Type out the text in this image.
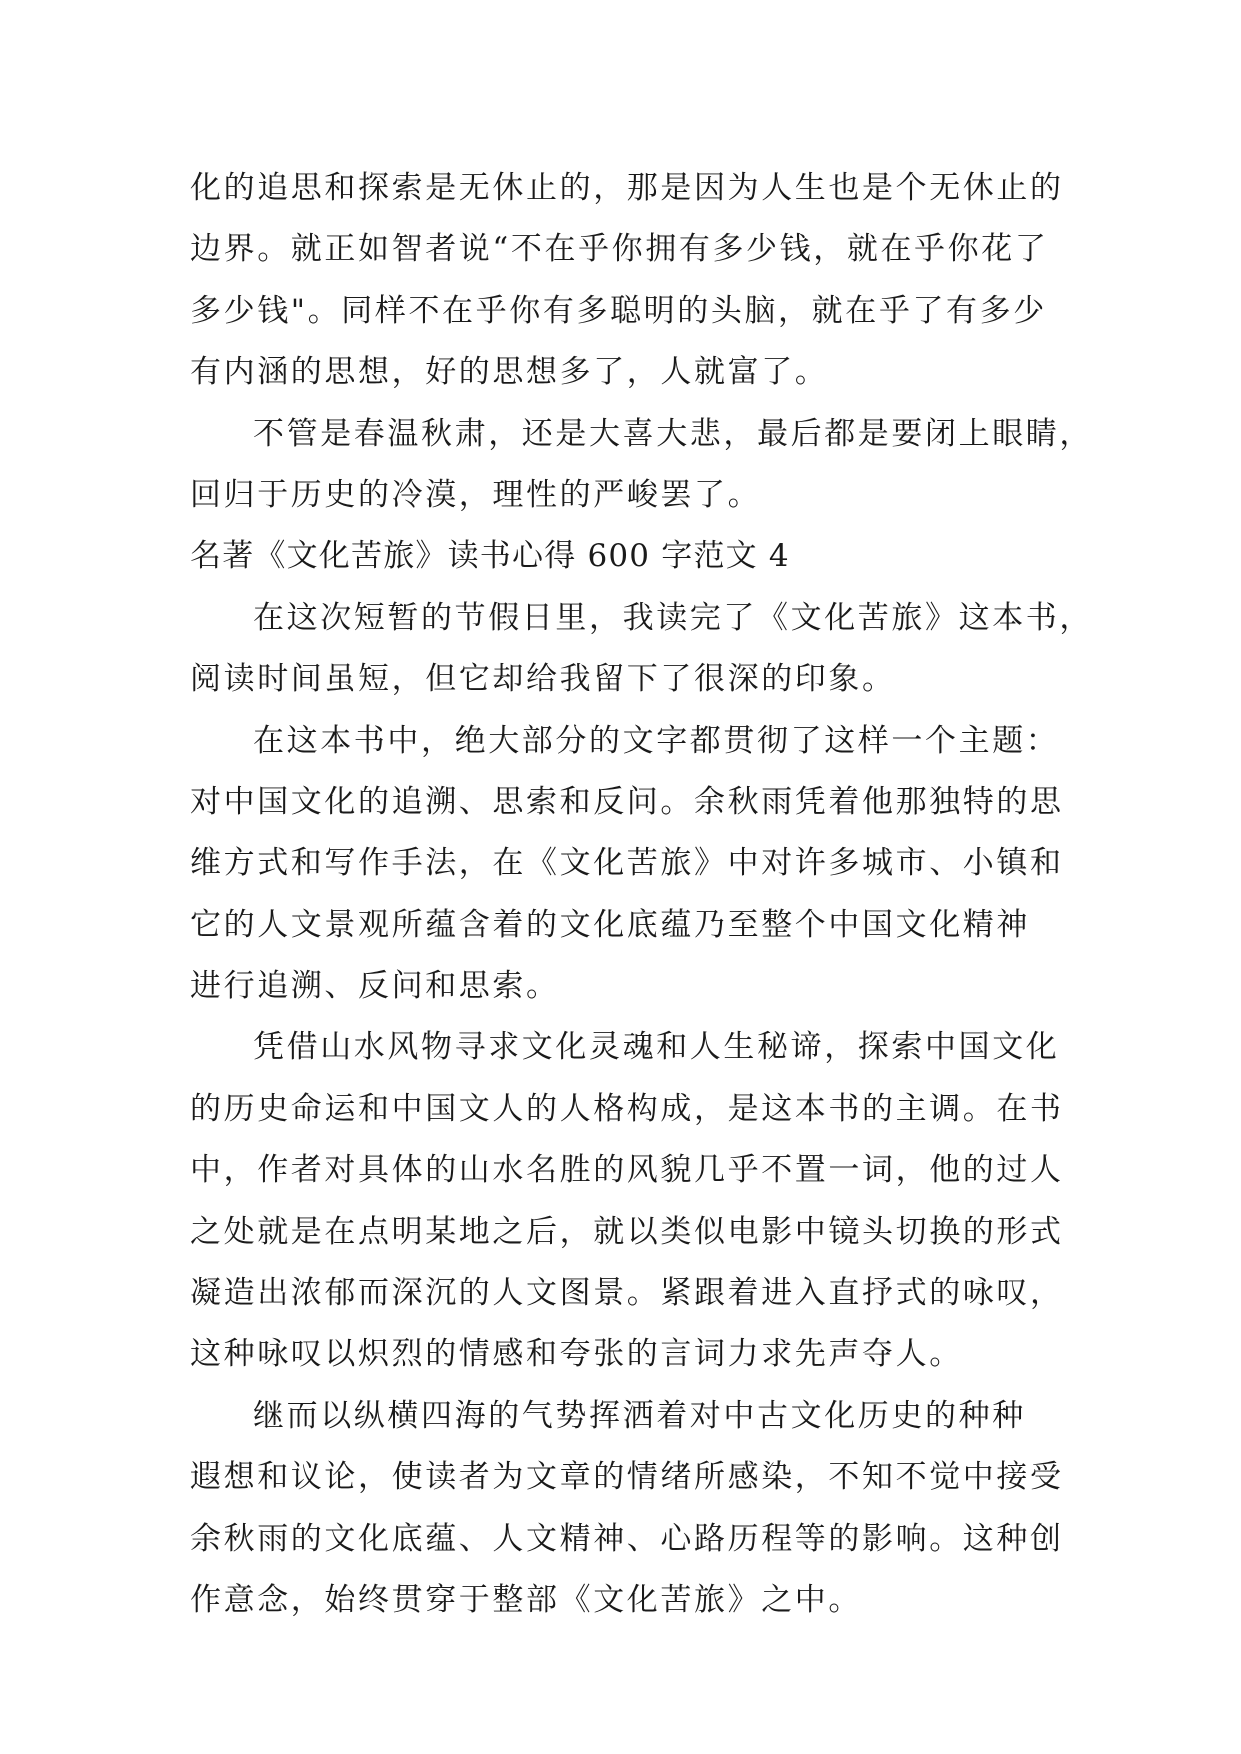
化的追思和探索是无休止的，那是因为人生也是个无休止的
边界。就正如智者说“不在乎你拥有多少钱，就在乎你花了
多少钱"。同样不在乎你有多聪明的头脑，就在乎了有多少
有内涵的思想，好的思想多了，人就富了。
不管是春温秋肃，还是大喜大悲，最后都是要闭上眼睛，
回归于历史的冷漠，理性的严峻罢了。
名著《文化苦旅》读书心得 600 字范文 4
在这次短暂的节假日里，我读完了《文化苦旅》这本书，
阅读时间虽短，但它却给我留下了很深的印象。
在这本书中，绝大部分的文字都贯彻了这样一个主题：
对中国文化的追溯、思索和反问。余秋雨凭着他那独特的思
维方式和写作手法，在《文化苦旅》中对许多城市、小镇和
它的人文景观所蕴含着的文化底蕴乃至整个中国文化精神
进行追溯、反问和思索。
凭借山水风物寻求文化灵魂和人生秘谛，探索中国文化
的历史命运和中国文人的人格构成，是这本书的主调。在书
中，作者对具体的山水名胜的风貌几乎不置一词，他的过人
之处就是在点明某地之后，就以类似电影中镜头切换的形式
凝造出浓郁而深沉的人文图景。紧跟着进入直抒式的咏叹，
这种咏叹以炽烈的情感和夸张的言词力求先声夺人。
继而以纵横四海的气势挥洒着对中古文化历史的种种
遐想和议论，使读者为文章的情绪所感染，不知不觉中接受
余秋雨的文化底蕴、人文精神、心路历程等的影响。这种创
作意念，始终贯穿于整部《文化苦旅》之中。
